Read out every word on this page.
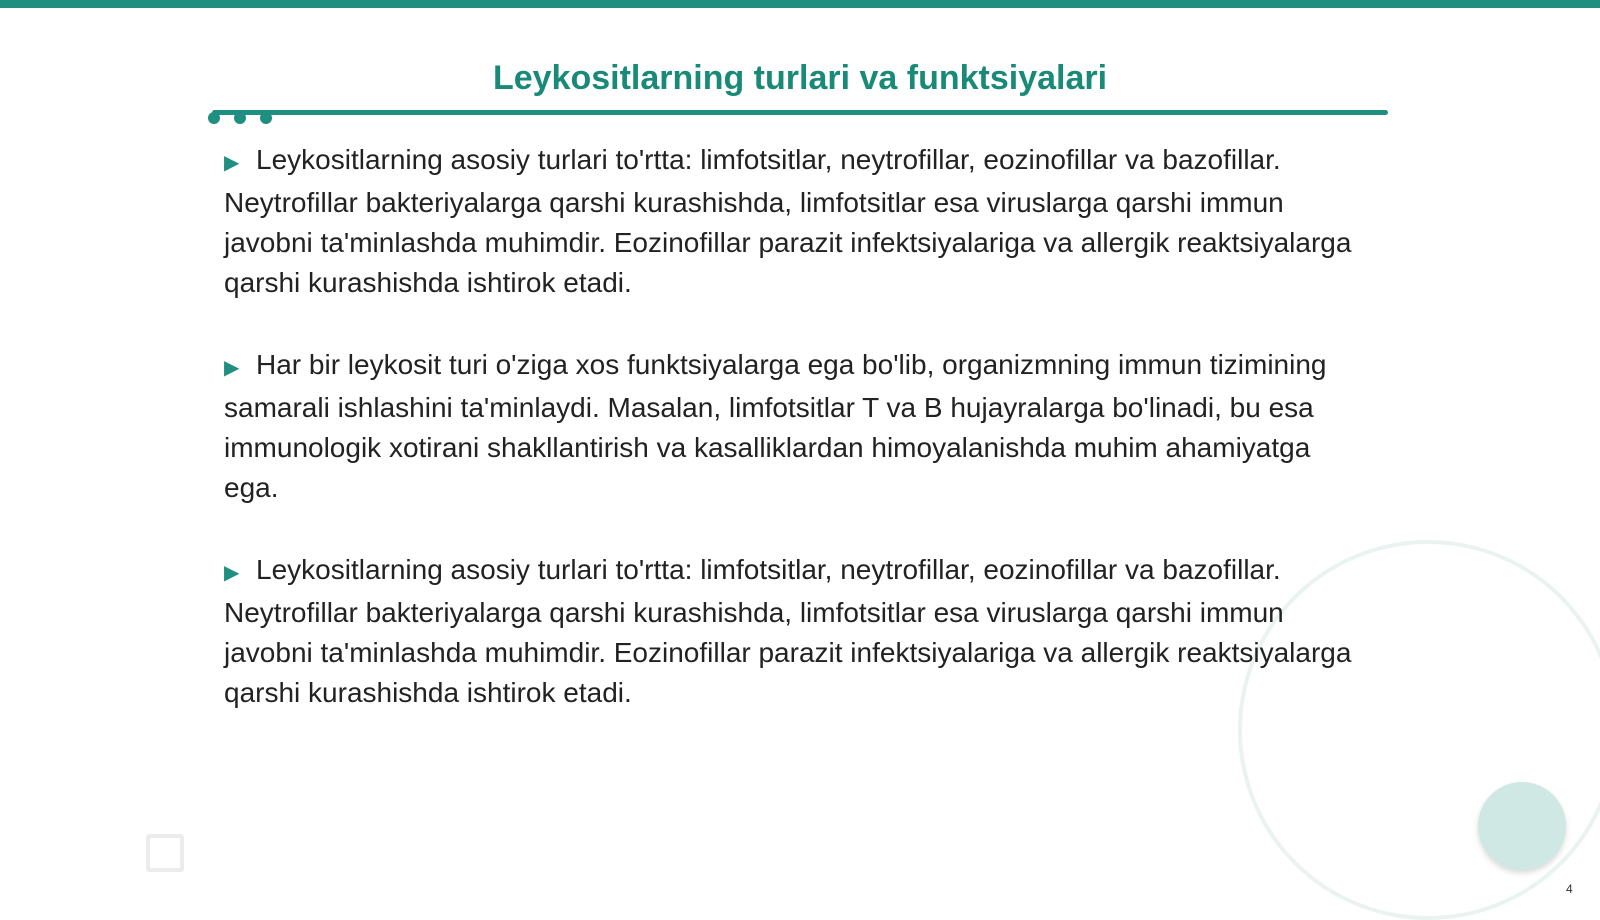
Leykositlarning turlari va funktsiyalari

▶ Leykositlarning asosiy turlari to'rtta: limfotsitlar, neytrofillar, eozinofillar va bazofillar. Neytrofillar bakteriyalarga qarshi kurashishda, limfotsitlar esa viruslarga qarshi immun javobni ta'minlashda muhimdir. Eozinofillar parazit infektsiyalariga va allergik reaktsiyalarga qarshi kurashishda ishtirok etadi.

▶ Har bir leykosit turi o'ziga xos funktsiyalarga ega bo'lib, organizmning immun tizimining samarali ishlashini ta'minlaydi. Masalan, limfotsitlar T va B hujayralarga bo'linadi, bu esa immunologik xotirani shakllantirish va kasalliklardan himoyalanishda muhim ahamiyatga ega.

▶ Leykositlarning asosiy turlari to'rtta: limfotsitlar, neytrofillar, eozinofillar va bazofillar. Neytrofillar bakteriyalarga qarshi kurashishda, limfotsitlar esa viruslarga qarshi immun javobni ta'minlashda muhimdir. Eozinofillar parazit infektsiyalariga va allergik reaktsiyalarga qarshi kurashishda ishtirok etadi.

4
